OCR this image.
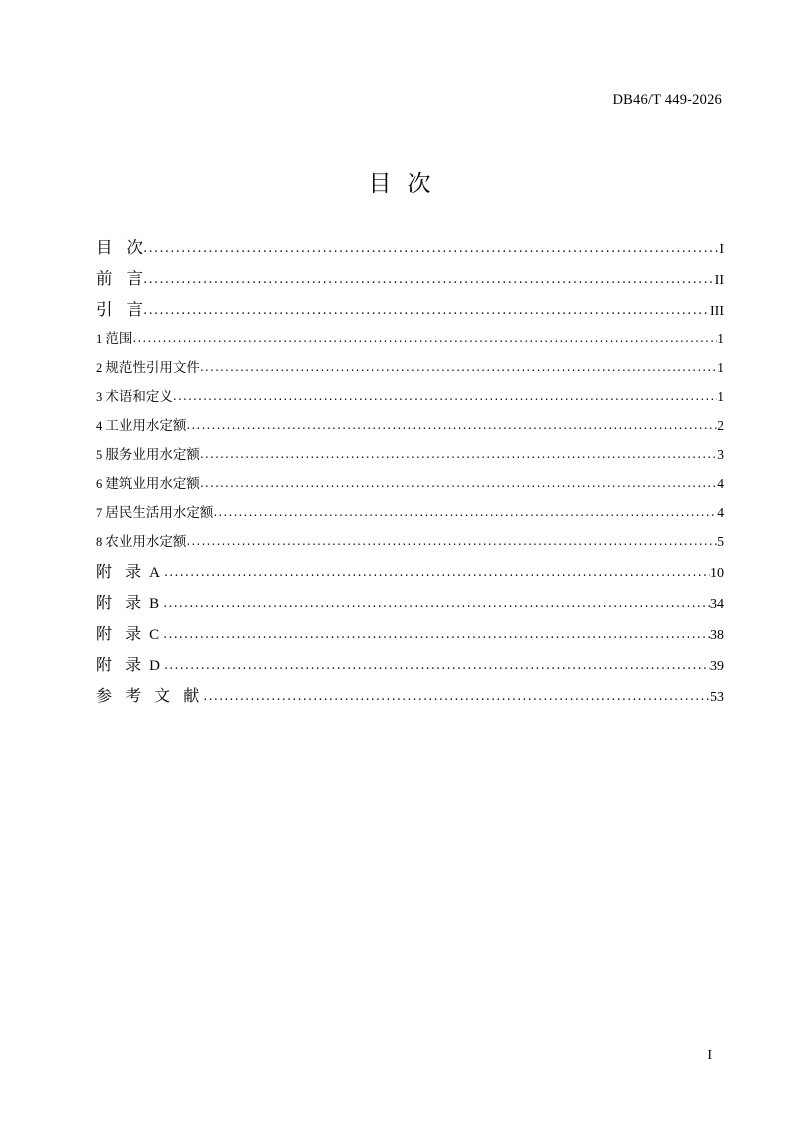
DB46/T 449-2026
目 次
目 次 .....	I
前 言 .....	II
引 言 .....	III
1 范围 .....	1
2 规范性引用文件 .....	1
3 术语和定义 .....	1
4 工业用水定额 .....	2
5 服务业用水定额 .....	3
6 建筑业用水定额 .....	4
7 居民生活用水定额 .....	4
8 农业用水定额 .....	5
附 录 A .....	10
附 录 B .....	34
附 录 C .....	38
附 录 D .....	39
参 考 文 献 .....	53
I
